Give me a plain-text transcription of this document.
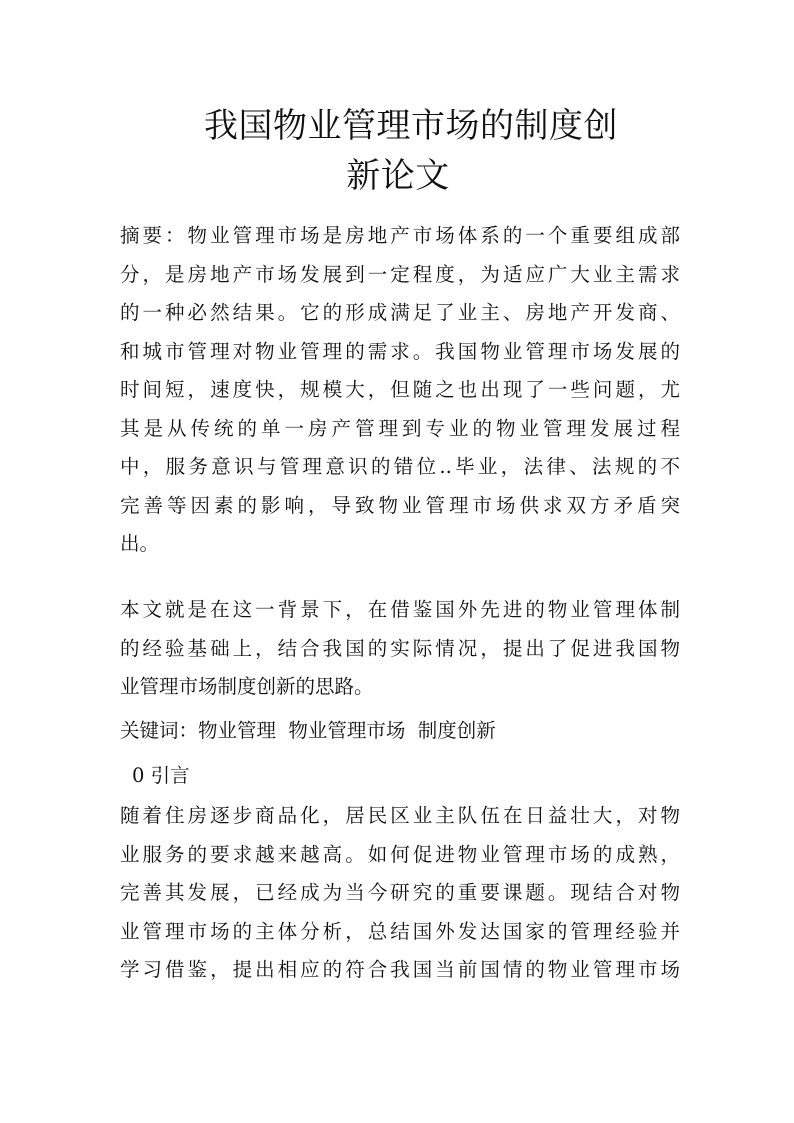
我国物业管理市场的制度创
新论文
摘要：物业管理市场是房地产市场体系的一个重要组成部
分，是房地产市场发展到一定程度，为适应广大业主需求
的一种必然结果。它的形成满足了业主、房地产开发商、
和城市管理对物业管理的需求。我国物业管理市场发展的
时间短，速度快，规模大，但随之也出现了一些问题，尤
其是从传统的单一房产管理到专业的物业管理发展过程
中，服务意识与管理意识的错位..毕业，法律、法规的不
完善等因素的影响，导致物业管理市场供求双方矛盾突
出。
本文就是在这一背景下，在借鉴国外先进的物业管理体制
的经验基础上，结合我国的实际情况，提出了促进我国物
业管理市场制度创新的思路。
关键词：物业管理  物业管理市场  制度创新
0 引言
随着住房逐步商品化，居民区业主队伍在日益壮大，对物
业服务的要求越来越高。如何促进物业管理市场的成熟，
完善其发展，已经成为当今研究的重要课题。现结合对物
业管理市场的主体分析，总结国外发达国家的管理经验并
学习借鉴，提出相应的符合我国当前国情的物业管理市场
